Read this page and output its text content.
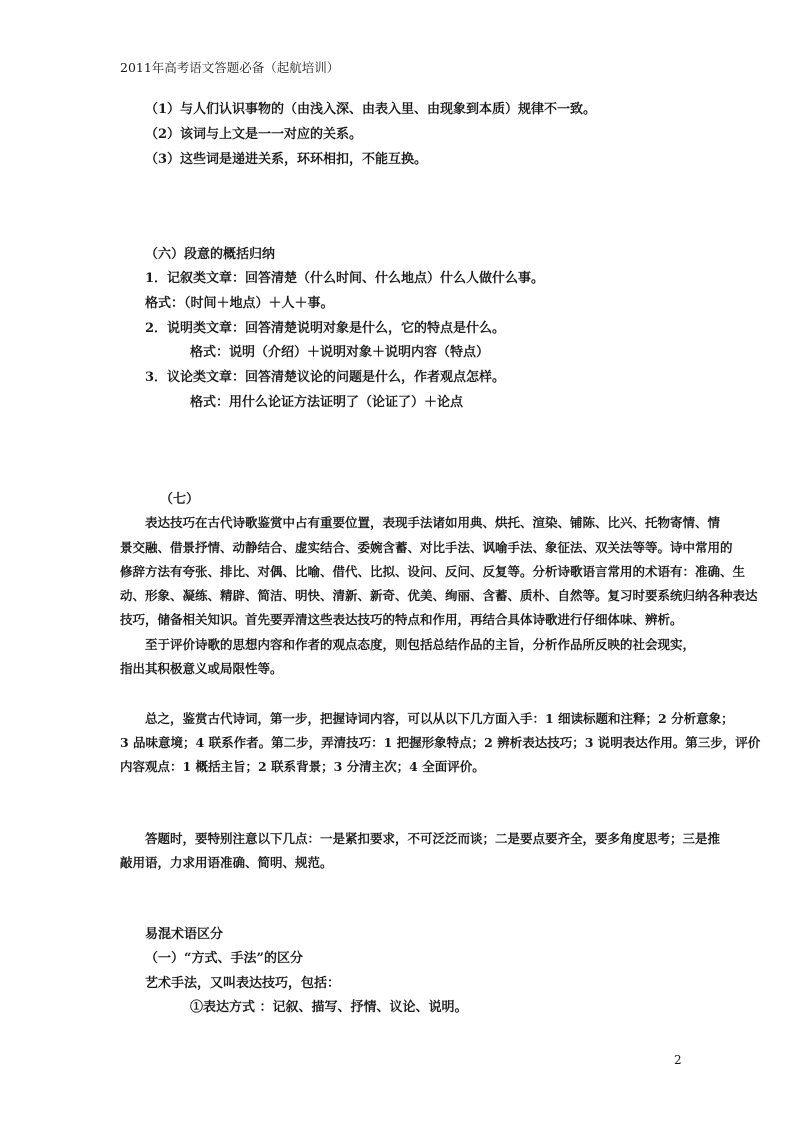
2011年高考语文答题必备（起航培训）
（1）与人们认识事物的（由浅入深、由表入里、由现象到本质）规律不一致。
（2）该词与上文是一一对应的关系。
（3）这些词是递进关系，环环相扣，不能互换。
（六）段意的概括归纳
1．记叙类文章：回答清楚（什么时间、什么地点）什么人做什么事。
格式：（时间＋地点）＋人＋事。
2．说明类文章：回答清楚说明对象是什么，它的特点是什么。
格式：说明（介绍）＋说明对象＋说明内容（特点）
3．议论类文章：回答清楚议论的问题是什么，作者观点怎样。
格式：用什么论证方法证明了（论证了）＋论点
（七）
表达技巧在古代诗歌鉴赏中占有重要位置，表现手法诸如用典、烘托、渲染、铺陈、比兴、托物寄情、情
景交融、借景抒情、动静结合、虚实结合、委婉含蓄、对比手法、讽喻手法、象征法、双关法等等。诗中常用的
修辞方法有夸张、排比、对偶、比喻、借代、比拟、设问、反问、反复等。分析诗歌语言常用的术语有：准确、生
动、形象、凝练、精辟、简洁、明快、清新、新奇、优美、绚丽、含蓄、质朴、自然等。复习时要系统归纳各种表达
技巧，储备相关知识。首先要弄清这些表达技巧的特点和作用，再结合具体诗歌进行仔细体味、辨析。
至于评价诗歌的思想内容和作者的观点态度，则包括总结作品的主旨，分析作品所反映的社会现实，
指出其积极意义或局限性等。
总之，鉴赏古代诗词，第一步，把握诗词内容，可以从以下几方面入手：1 细读标题和注释；2 分析意象；
3 品味意境；4 联系作者。第二步，弄清技巧：1 把握形象特点；2 辨析表达技巧；3 说明表达作用。第三步，评价
内容观点：1 概括主旨；2 联系背景；3 分清主次；4 全面评价。
答题时，要特别注意以下几点：一是紧扣要求，不可泛泛而谈；二是要点要齐全，要多角度思考；三是推
敲用语，力求用语准确、简明、规范。
易混术语区分
（一）“方式、手法”的区分
艺术手法，又叫表达技巧，包括：
①表达方式 ：记叙、描写、抒情、议论、说明。
2
